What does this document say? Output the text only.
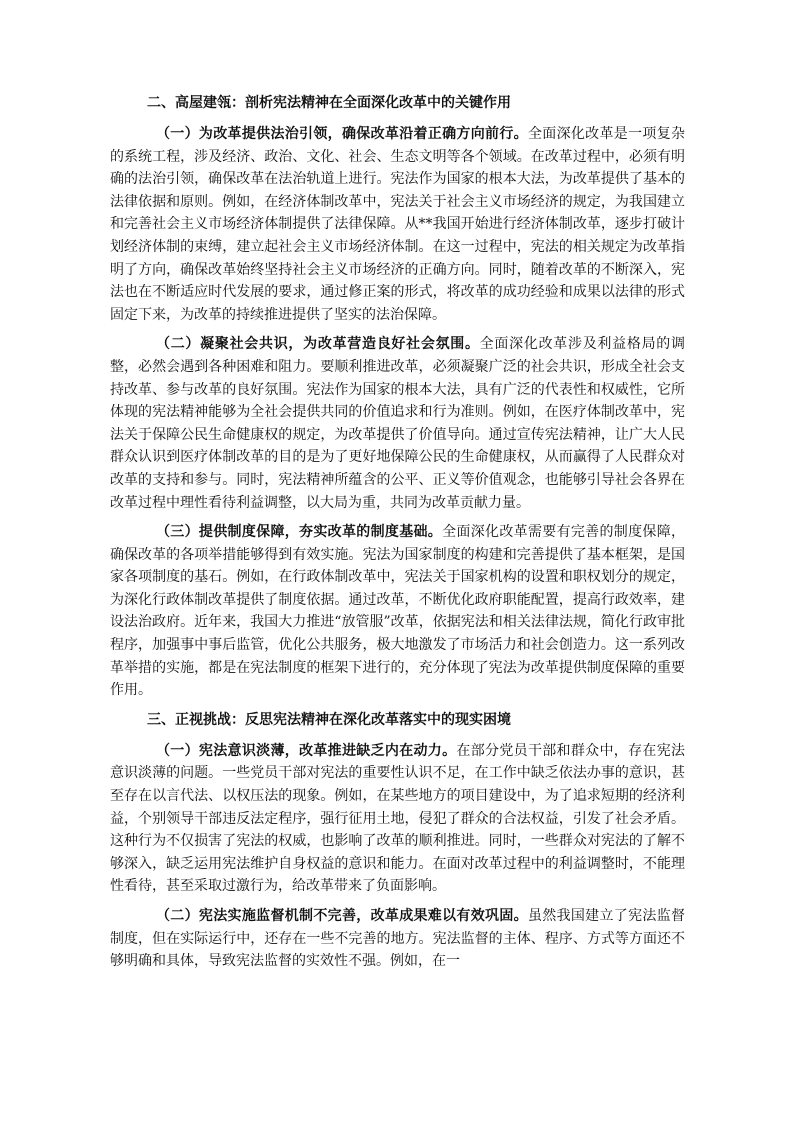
二、高屋建瓴：剖析宪法精神在全面深化改革中的关键作用

（一）为改革提供法治引领，确保改革沿着正确方向前行。全面深化改革是一项复杂的系统工程，涉及经济、政治、文化、社会、生态文明等各个领域。在改革过程中，必须有明确的法治引领，确保改革在法治轨道上进行。宪法作为国家的根本大法，为改革提供了基本的法律依据和原则。例如，在经济体制改革中，宪法关于社会主义市场经济的规定，为我国建立和完善社会主义市场经济体制提供了法律保障。从**我国开始进行经济体制改革，逐步打破计划经济体制的束缚，建立起社会主义市场经济体制。在这一过程中，宪法的相关规定为改革指明了方向，确保改革始终坚持社会主义市场经济的正确方向。同时，随着改革的不断深入，宪法也在不断适应时代发展的要求，通过修正案的形式，将改革的成功经验和成果以法律的形式固定下来，为改革的持续推进提供了坚实的法治保障。

（二）凝聚社会共识，为改革营造良好社会氛围。全面深化改革涉及利益格局的调整，必然会遇到各种困难和阻力。要顺利推进改革，必须凝聚广泛的社会共识，形成全社会支持改革、参与改革的良好氛围。宪法作为国家的根本大法，具有广泛的代表性和权威性，它所体现的宪法精神能够为全社会提供共同的价值追求和行为准则。例如，在医疗体制改革中，宪法关于保障公民生命健康权的规定，为改革提供了价值导向。通过宣传宪法精神，让广大人民群众认识到医疗体制改革的目的是为了更好地保障公民的生命健康权，从而赢得了人民群众对改革的支持和参与。同时，宪法精神所蕴含的公平、正义等价值观念，也能够引导社会各界在改革过程中理性看待利益调整，以大局为重，共同为改革贡献力量。

（三）提供制度保障，夯实改革的制度基础。全面深化改革需要有完善的制度保障，确保改革的各项举措能够得到有效实施。宪法为国家制度的构建和完善提供了基本框架，是国家各项制度的基石。例如，在行政体制改革中，宪法关于国家机构的设置和职权划分的规定，为深化行政体制改革提供了制度依据。通过改革，不断优化政府职能配置，提高行政效率，建设法治政府。近年来，我国大力推进“放管服”改革，依据宪法和相关法律法规，简化行政审批程序，加强事中事后监管，优化公共服务，极大地激发了市场活力和社会创造力。这一系列改革举措的实施，都是在宪法制度的框架下进行的，充分体现了宪法为改革提供制度保障的重要作用。

三、正视挑战：反思宪法精神在深化改革落实中的现实困境

（一）宪法意识淡薄，改革推进缺乏内在动力。在部分党员干部和群众中，存在宪法意识淡薄的问题。一些党员干部对宪法的重要性认识不足，在工作中缺乏依法办事的意识，甚至存在以言代法、以权压法的现象。例如，在某些地方的项目建设中，为了追求短期的经济利益，个别领导干部违反法定程序，强行征用土地，侵犯了群众的合法权益，引发了社会矛盾。这种行为不仅损害了宪法的权威，也影响了改革的顺利推进。同时，一些群众对宪法的了解不够深入，缺乏运用宪法维护自身权益的意识和能力。在面对改革过程中的利益调整时，不能理性看待，甚至采取过激行为，给改革带来了负面影响。

（二）宪法实施监督机制不完善，改革成果难以有效巩固。虽然我国建立了宪法监督制度，但在实际运行中，还存在一些不完善的地方。宪法监督的主体、程序、方式等方面还不够明确和具体，导致宪法监督的实效性不强。例如，在一
